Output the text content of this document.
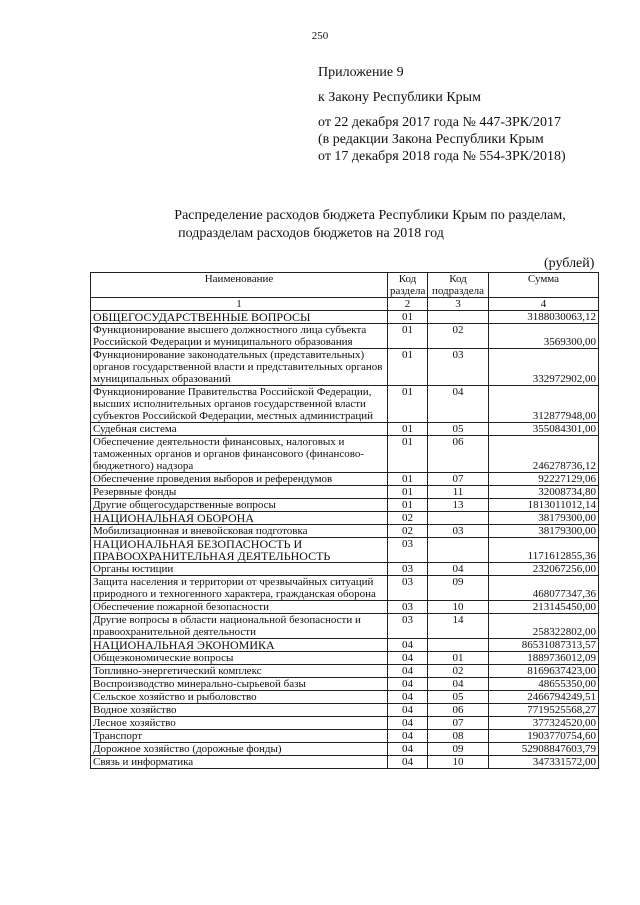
250
Приложение 9
к Закону Республики Крым
от 22 декабря 2017 года № 447-ЗРК/2017
(в редакции Закона Республики Крым
от 17 декабря 2018 года № 554-ЗРК/2018)
Распределение расходов бюджета Республики Крым по разделам,
подразделам расходов бюджетов на 2018 год
(рублей)
Наименование	Код раздела	Код подраздела	Сумма
1	2	3	4
ОБЩЕГОСУДАРСТВЕННЫЕ ВОПРОСЫ	01		3188030063,12
Функционирование высшего должностного лица субъекта Российской Федерации и муниципального образования	01	02	3569300,00
Функционирование законодательных (представительных) органов государственной власти и представительных органов муниципальных образований	01	03	332972902,00
Функционирование Правительства Российской Федерации, высших исполнительных органов государственной власти субъектов Российской Федерации, местных администраций	01	04	312877948,00
Судебная система	01	05	355084301,00
Обеспечение деятельности финансовых, налоговых и таможенных органов и органов финансового (финансово-бюджетного) надзора	01	06	246278736,12
Обеспечение проведения выборов и референдумов	01	07	92227129,06
Резервные фонды	01	11	32008734,80
Другие общегосударственные вопросы	01	13	1813011012,14
НАЦИОНАЛЬНАЯ ОБОРОНА	02		38179300,00
Мобилизационная и вневойсковая подготовка	02	03	38179300,00
НАЦИОНАЛЬНАЯ БЕЗОПАСНОСТЬ И ПРАВООХРАНИТЕЛЬНАЯ ДЕЯТЕЛЬНОСТЬ	03		1171612855,36
Органы юстиции	03	04	232067256,00
Защита населения и территории от чрезвычайных ситуаций природного и техногенного характера, гражданская оборона	03	09	468077347,36
Обеспечение пожарной безопасности	03	10	213145450,00
Другие вопросы в области национальной безопасности и правоохранительной деятельности	03	14	258322802,00
НАЦИОНАЛЬНАЯ ЭКОНОМИКА	04		86531087313,57
Общеэкономические вопросы	04	01	1889736012,09
Топливно-энергетический комплекс	04	02	8169637423,00
Воспроизводство минерально-сырьевой базы	04	04	48655350,00
Сельское хозяйство и рыболовство	04	05	2466794249,51
Водное хозяйство	04	06	7719525568,27
Лесное хозяйство	04	07	377324520,00
Транспорт	04	08	1903770754,60
Дорожное хозяйство (дорожные фонды)	04	09	52908847603,79
Связь и информатика	04	10	347331572,00
